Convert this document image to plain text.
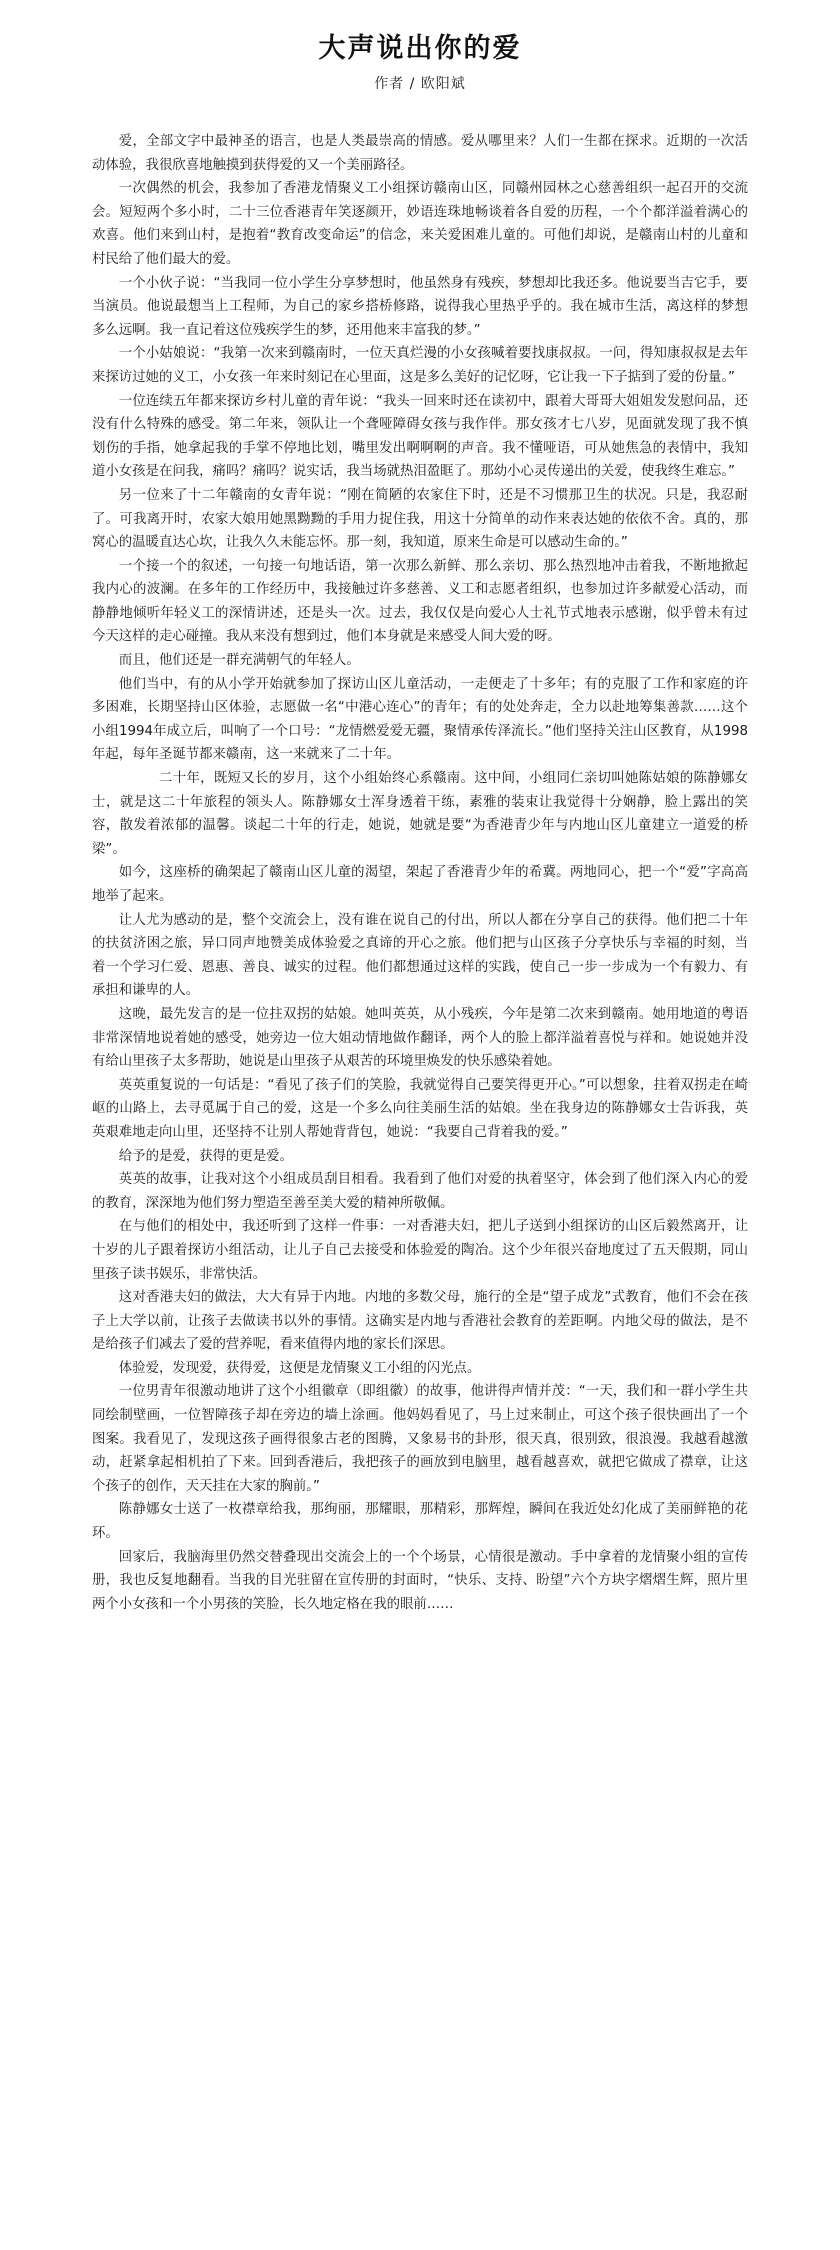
大声说出你的爱
作者 / 欧阳斌

爱，全部文字中最神圣的语言，也是人类最崇高的情感。爱从哪里来？人们一生都在探求。近期的一次活动体验，我很欣喜地触摸到获得爱的又一个美丽路径。

一次偶然的机会，我参加了香港龙情聚义工小组探访赣南山区，同赣州园林之心慈善组织一起召开的交流会。短短两个多小时，二十三位香港青年笑逐颜开，妙语连珠地畅谈着各自爱的历程，一个个都洋溢着满心的欢喜。他们来到山村，是抱着“教育改变命运”的信念，来关爱困难儿童的。可他们却说，是赣南山村的儿童和村民给了他们最大的爱。

一个小伙子说：“当我同一位小学生分享梦想时，他虽然身有残疾，梦想却比我还多。他说要当吉它手，要当演员。他说最想当上工程师，为自己的家乡搭桥修路，说得我心里热乎乎的。我在城市生活，离这样的梦想多么远啊。我一直记着这位残疾学生的梦，还用他来丰富我的梦。”

一个小姑娘说：“我第一次来到赣南时，一位天真烂漫的小女孩喊着要找康叔叔。一问，得知康叔叔是去年来探访过她的义工，小女孩一年来时刻记在心里面，这是多么美好的记忆呀，它让我一下子掂到了爱的份量。”

一位连续五年都来探访乡村儿童的青年说：“我头一回来时还在读初中，跟着大哥哥大姐姐发发慰问品，还没有什么特殊的感受。第二年来，领队让一个聋哑障碍女孩与我作伴。那女孩才七八岁，见面就发现了我不慎划伤的手指，她拿起我的手掌不停地比划，嘴里发出啊啊啊的声音。我不懂哑语，可从她焦急的表情中，我知道小女孩是在问我，痛吗？痛吗？说实话，我当场就热泪盈眶了。那幼小心灵传递出的关爱，使我终生难忘。”

另一位来了十二年赣南的女青年说：“刚在简陋的农家住下时，还是不习惯那卫生的状况。只是，我忍耐了。可我离开时，农家大娘用她黑黝黝的手用力捉住我，用这十分简单的动作来表达她的依依不舍。真的，那窝心的温暖直达心坎，让我久久未能忘怀。那一刻，我知道，原来生命是可以感动生命的。”

一个接一个的叙述，一句接一句地话语，第一次那么新鲜、那么亲切、那么热烈地冲击着我，不断地掀起我内心的波澜。在多年的工作经历中，我接触过许多慈善、义工和志愿者组织，也参加过许多献爱心活动，而静静地倾听年轻义工的深情讲述，还是头一次。过去，我仅仅是向爱心人士礼节式地表示感谢，似乎曾未有过今天这样的走心碰撞。我从来没有想到过，他们本身就是来感受人间大爱的呀。

而且，他们还是一群充满朝气的年轻人。

他们当中，有的从小学开始就参加了探访山区儿童活动，一走便走了十多年；有的克服了工作和家庭的许多困难，长期坚持山区体验，志愿做一名“中港心连心”的青年；有的处处奔走，全力以赴地筹集善款……这个小组1994年成立后，叫响了一个口号：“龙情燃爱爱无疆，聚情承传泽流长。”他们坚持关注山区教育，从1998年起，每年圣诞节都来赣南，这一来就来了二十年。

二十年，既短又长的岁月，这个小组始终心系赣南。这中间，小组同仁亲切叫她陈姑娘的陈静娜女士，就是这二十年旅程的领头人。陈静娜女士浑身透着干练，素雅的装束让我觉得十分娴静，脸上露出的笑容，散发着浓郁的温馨。谈起二十年的行走，她说，她就是要“为香港青少年与内地山区儿童建立一道爱的桥梁”。

如今，这座桥的确架起了赣南山区儿童的渴望，架起了香港青少年的希冀。两地同心，把一个“爱”字高高地举了起来。

让人尤为感动的是，整个交流会上，没有谁在说自己的付出，所以人都在分享自己的获得。他们把二十年的扶贫济困之旅，异口同声地赞美成体验爱之真谛的开心之旅。他们把与山区孩子分享快乐与幸福的时刻，当着一个学习仁爱、恩惠、善良、诚实的过程。他们都想通过这样的实践，使自己一步一步成为一个有毅力、有承担和谦卑的人。

这晚，最先发言的是一位拄双拐的姑娘。她叫英英，从小残疾，今年是第二次来到赣南。她用地道的粤语非常深情地说着她的感受，她旁边一位大姐动情地做作翻译，两个人的脸上都洋溢着喜悦与祥和。她说她并没有给山里孩子太多帮助，她说是山里孩子从艰苦的环境里焕发的快乐感染着她。

英英重复说的一句话是：“看见了孩子们的笑脸，我就觉得自己要笑得更开心。”可以想象，拄着双拐走在崎岖的山路上，去寻觅属于自己的爱，这是一个多么向往美丽生活的姑娘。坐在我身边的陈静娜女士告诉我，英英艰难地走向山里，还坚持不让别人帮她背背包，她说：“我要自己背着我的爱。”

给予的是爱，获得的更是爱。

英英的故事，让我对这个小组成员刮目相看。我看到了他们对爱的执着坚守，体会到了他们深入内心的爱的教育，深深地为他们努力塑造至善至美大爱的精神所敬佩。

在与他们的相处中，我还听到了这样一件事：一对香港夫妇，把儿子送到小组探访的山区后毅然离开，让十岁的儿子跟着探访小组活动，让儿子自己去接受和体验爱的陶冶。这个少年很兴奋地度过了五天假期，同山里孩子读书娱乐，非常快活。

这对香港夫妇的做法，大大有异于内地。内地的多数父母，施行的全是“望子成龙”式教育，他们不会在孩子上大学以前，让孩子去做读书以外的事情。这确实是内地与香港社会教育的差距啊。内地父母的做法，是不是给孩子们减去了爱的营养呢，看来值得内地的家长们深思。

体验爱，发现爱，获得爱，这便是龙情聚义工小组的闪光点。

一位男青年很激动地讲了这个小组徽章（即组徽）的故事，他讲得声情并茂：“一天，我们和一群小学生共同绘制壁画，一位智障孩子却在旁边的墙上涂画。他妈妈看见了，马上过来制止，可这个孩子很快画出了一个图案。我看见了，发现这孩子画得很象古老的图腾，又象易书的卦形，很天真，很别致，很浪漫。我越看越激动，赶紧拿起相机拍了下来。回到香港后，我把孩子的画放到电脑里，越看越喜欢，就把它做成了襟章，让这个孩子的创作，天天挂在大家的胸前。”

陈静娜女士送了一枚襟章给我，那绚丽，那耀眼，那精彩，那辉煌，瞬间在我近处幻化成了美丽鲜艳的花环。

回家后，我脑海里仍然交替叠现出交流会上的一个个场景，心情很是激动。手中拿着的龙情聚小组的宣传册，我也反复地翻看。当我的目光驻留在宣传册的封面时，“快乐、支持、盼望”六个方块字熠熠生辉，照片里两个小女孩和一个小男孩的笑脸，长久地定格在我的眼前……
